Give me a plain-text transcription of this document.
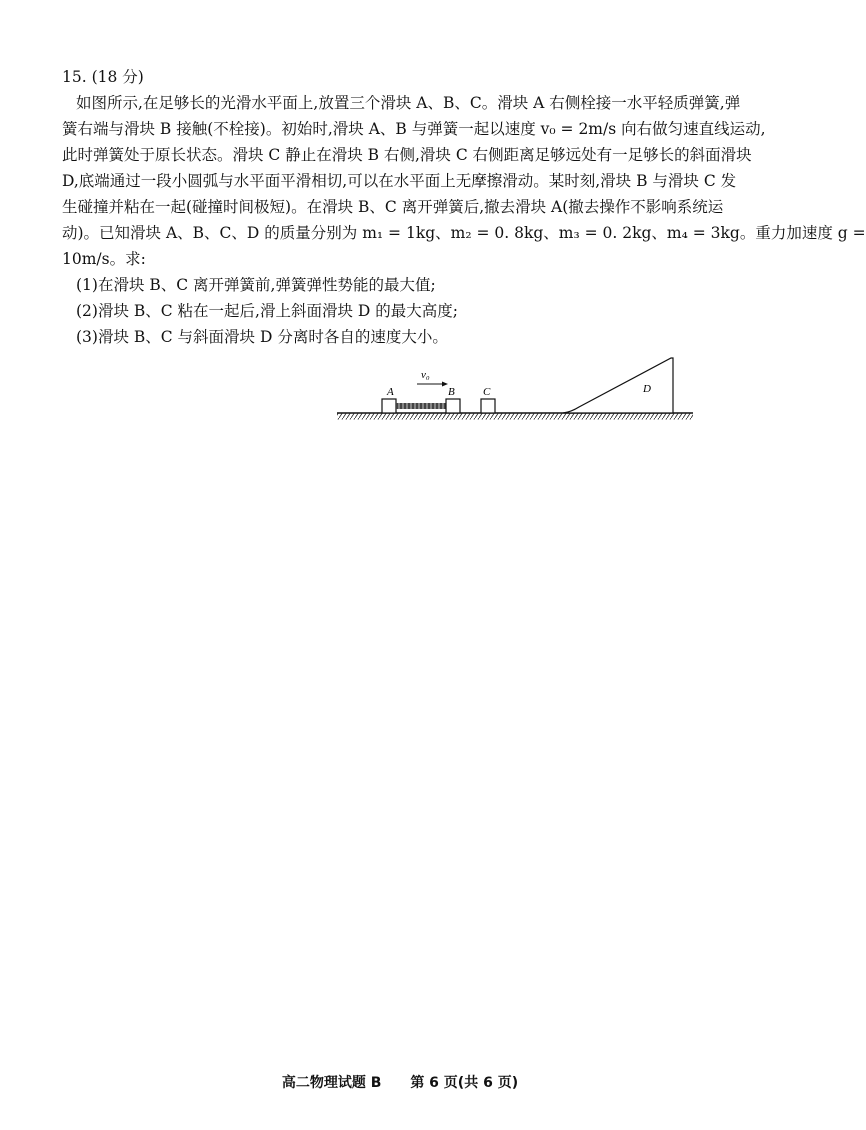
15. (18 分)
如图所示,在足够长的光滑水平面上,放置三个滑块 A、B、C。滑块 A 右侧栓接一水平轻质弹簧,弹
簧右端与滑块 B 接触(不栓接)。初始时,滑块 A、B 与弹簧一起以速度 v₀ = 2m/s 向右做匀速直线运动,
此时弹簧处于原长状态。滑块 C 静止在滑块 B 右侧,滑块 C 右侧距离足够远处有一足够长的斜面滑块
D,底端通过一段小圆弧与水平面平滑相切,可以在水平面上无摩擦滑动。某时刻,滑块 B 与滑块 C 发
生碰撞并粘在一起(碰撞时间极短)。在滑块 B、C 离开弹簧后,撤去滑块 A(撤去操作不影响系统运
动)。已知滑块 A、B、C、D 的质量分别为 m₁ = 1kg、m₂ = 0. 8kg、m₃ = 0. 2kg、m₄ = 3kg。重力加速度 g =
10m/s。求:
(1)在滑块 B、C 离开弹簧前,弹簧弹性势能的最大值;
(2)滑块 B、C 粘在一起后,滑上斜面滑块 D 的最大高度;
(3)滑块 B、C 与斜面滑块 D 分离时各自的速度大小。
A	B
v₀
C	D
高二物理试题 B 第 6 页(共 6 页)
